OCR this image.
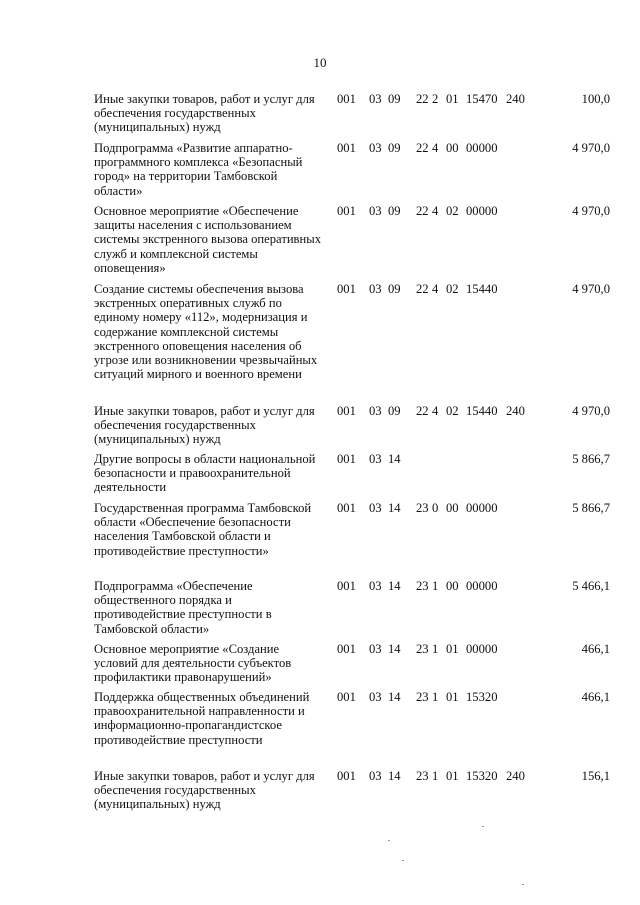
10
Иные закупки товаров, работ и услуг для обеспечения государственных (муниципальных) нужд
001 03 09 22 2 01 15470 240	100,0
Подпрограмма «Развитие аппаратно-программного комплекса «Безопасный город» на территории Тамбовской области»
001 03 09 22 4 00 00000	4 970,0
Основное мероприятие «Обеспечение защиты населения с использованием системы экстренного вызова оперативных служб и комплексной системы оповещения»
001 03 09 22 4 02 00000	4 970,0
Создание системы обеспечения вызова экстренных оперативных служб по единому номеру «112», модернизация и содержание комплексной системы экстренного оповещения населения об угрозе или возникновении чрезвычайных ситуаций мирного и военного времени
001 03 09 22 4 02 15440	4 970,0
Иные закупки товаров, работ и услуг для обеспечения государственных (муниципальных) нужд
001 03 09 22 4 02 15440 240	4 970,0
Другие вопросы в области национальной безопасности и правоохранительной деятельности
001 03 14	5 866,7
Государственная программа Тамбовской области «Обеспечение безопасности населения Тамбовской области и противодействие преступности»
001 03 14 23 0 00 00000	5 866,7
Подпрограмма «Обеспечение общественного порядка и противодействие преступности в Тамбовской области»
001 03 14 23 1 00 00000	5 466,1
Основное мероприятие «Создание условий для деятельности субъектов профилактики правонарушений»
001 03 14 23 1 01 00000	466,1
Поддержка общественных объединений правоохранительной направленности и информационно-пропагандистское противодействие преступности
001 03 14 23 1 01 15320	466,1
Иные закупки товаров, работ и услуг для обеспечения государственных (муниципальных) нужд
001 03 14 23 1 01 15320 240	156,1
